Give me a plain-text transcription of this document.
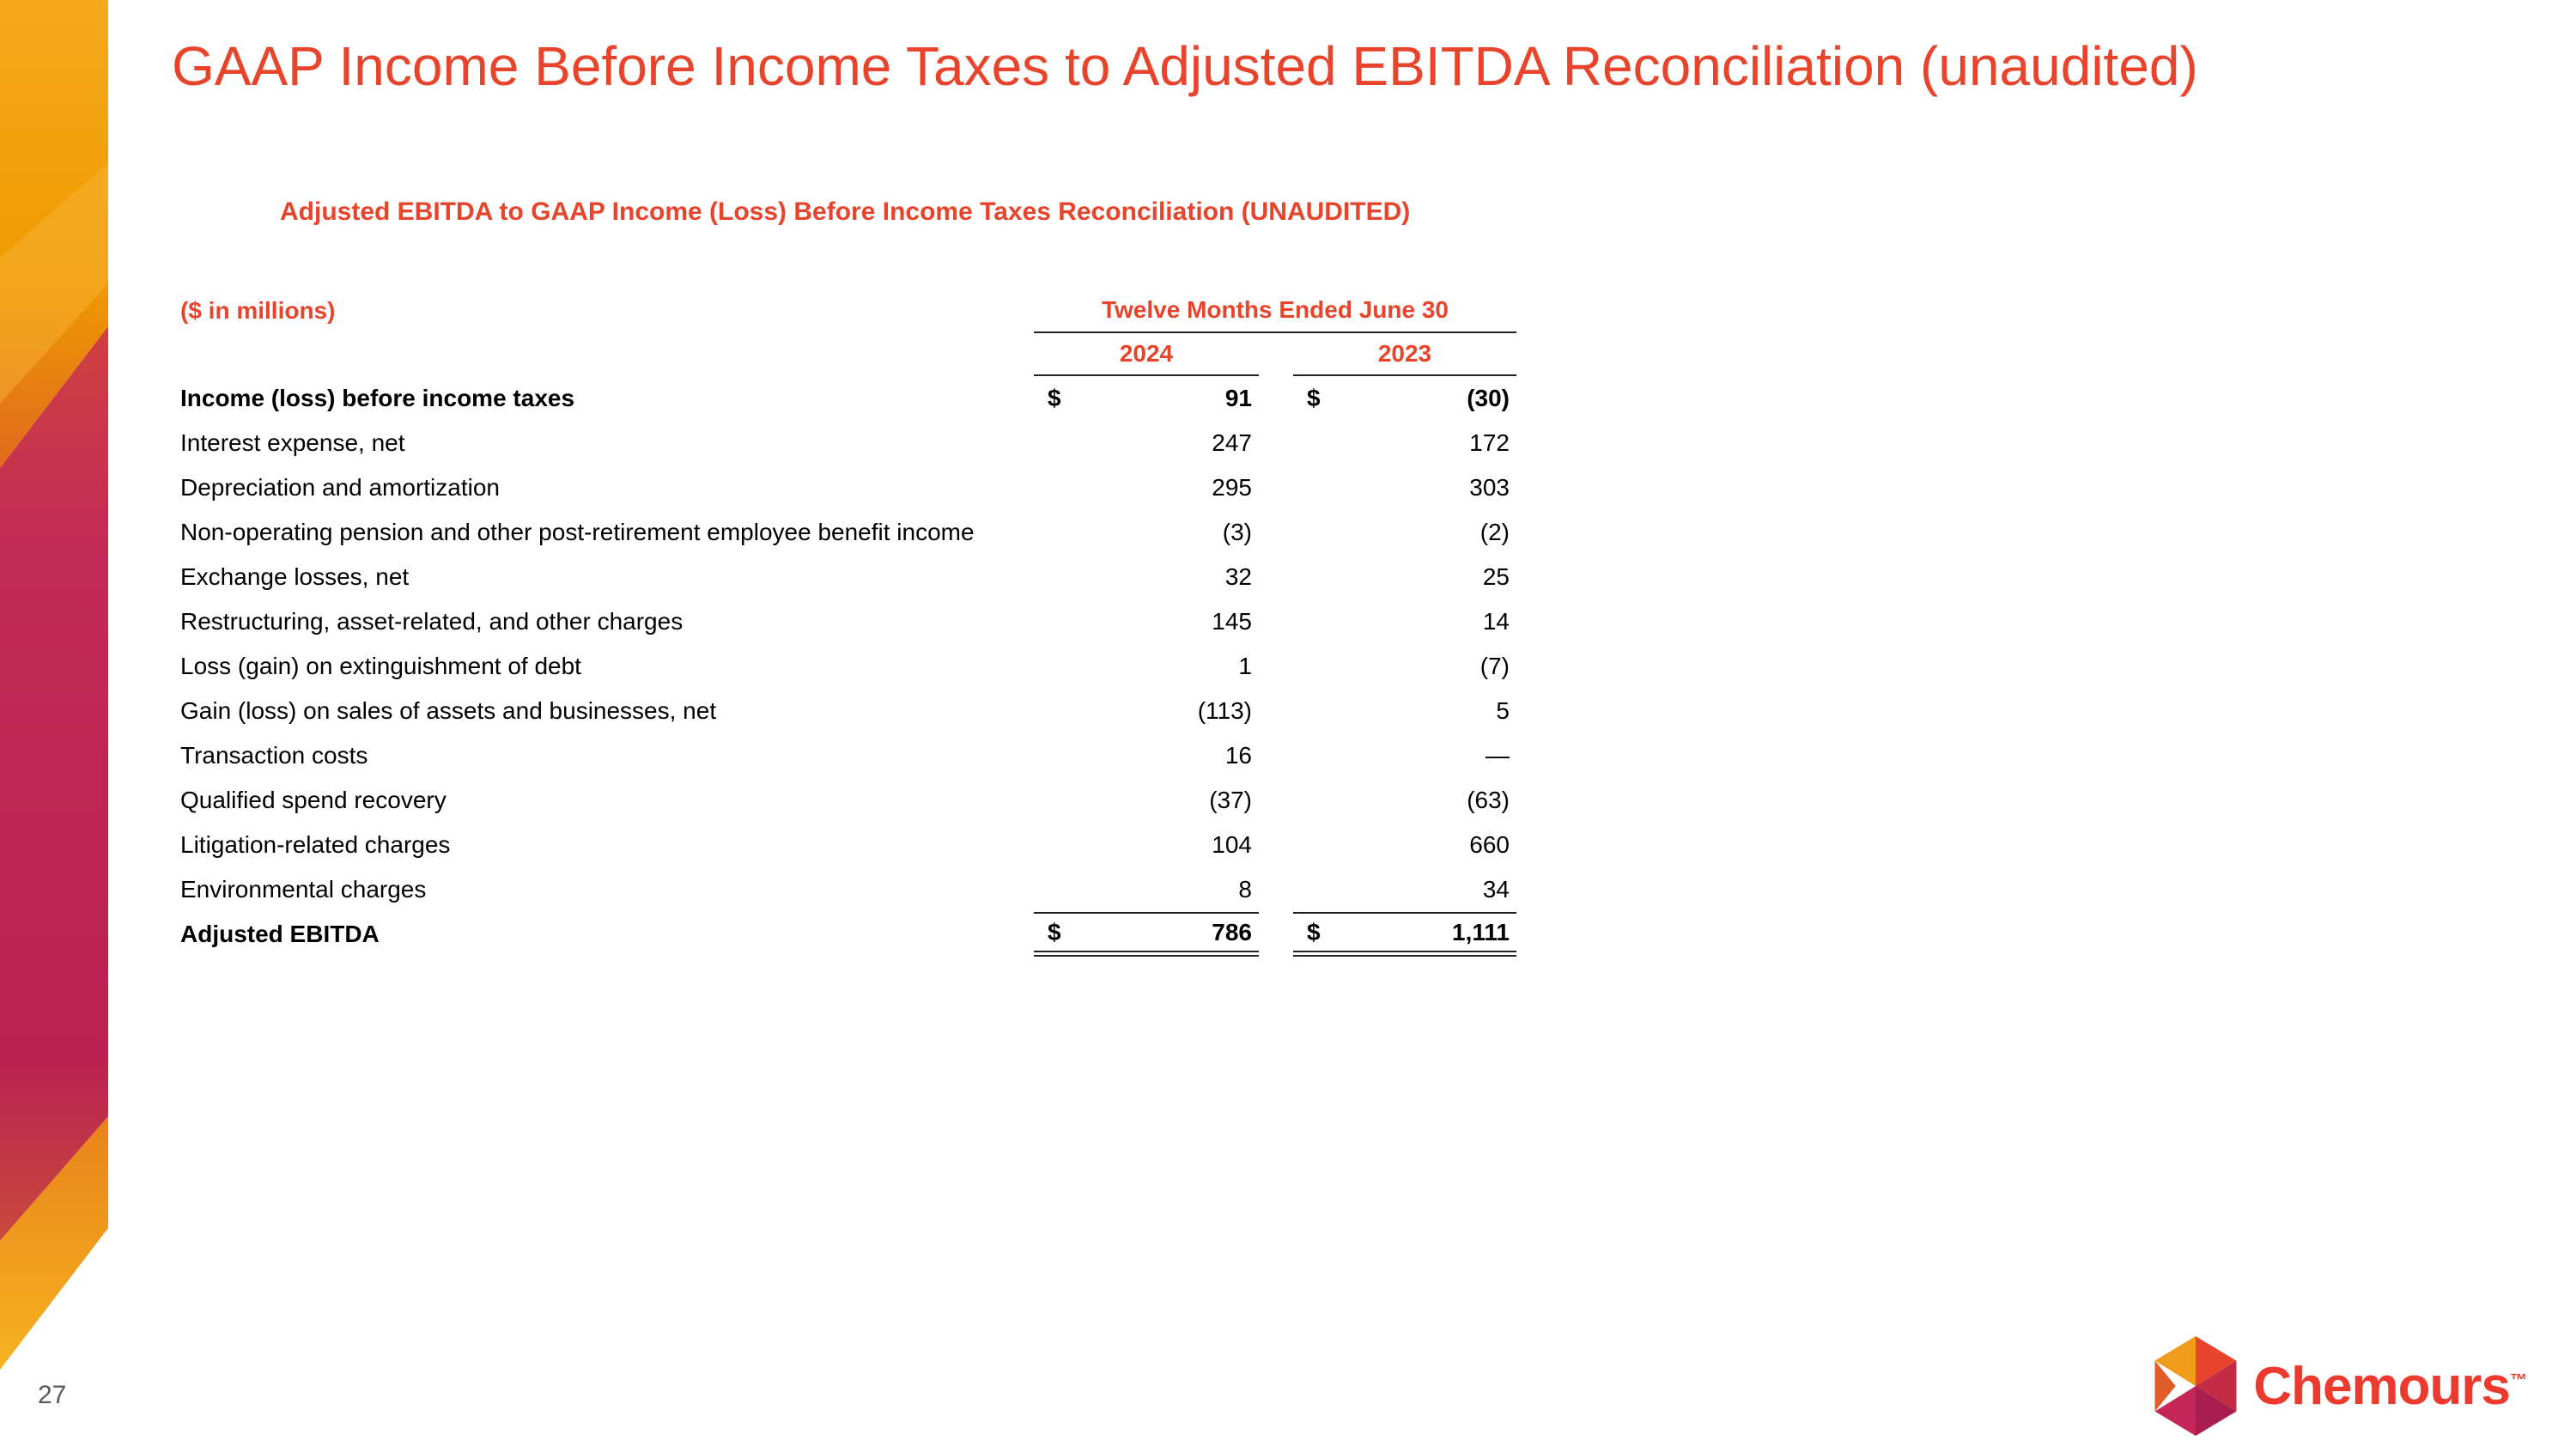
GAAP Income Before Income Taxes to Adjusted EBITDA Reconciliation (unaudited)
Adjusted EBITDA to GAAP Income (Loss) Before Income Taxes Reconciliation (UNAUDITED)
($ in millions)	Twelve Months Ended June 30
2024	2023
Income (loss) before income taxes	$	91 $	(30)
Interest expense, net	247	172
Depreciation and amortization	295	303
Non-operating pension and other post-retirement employee benefit income	(3)	(2)
Exchange losses, net	32	25
Restructuring, asset-related, and other charges	145	14
Loss (gain) on extinguishment of debt	1	(7)
Gain (loss) on sales of assets and businesses, net	(113)	5
Transaction costs	16	—
Qualified spend recovery	(37)	(63)
Litigation-related charges	104	660
Environmental charges	8	34
Adjusted EBITDA	$	786 $	1,111
27	Chemours™
